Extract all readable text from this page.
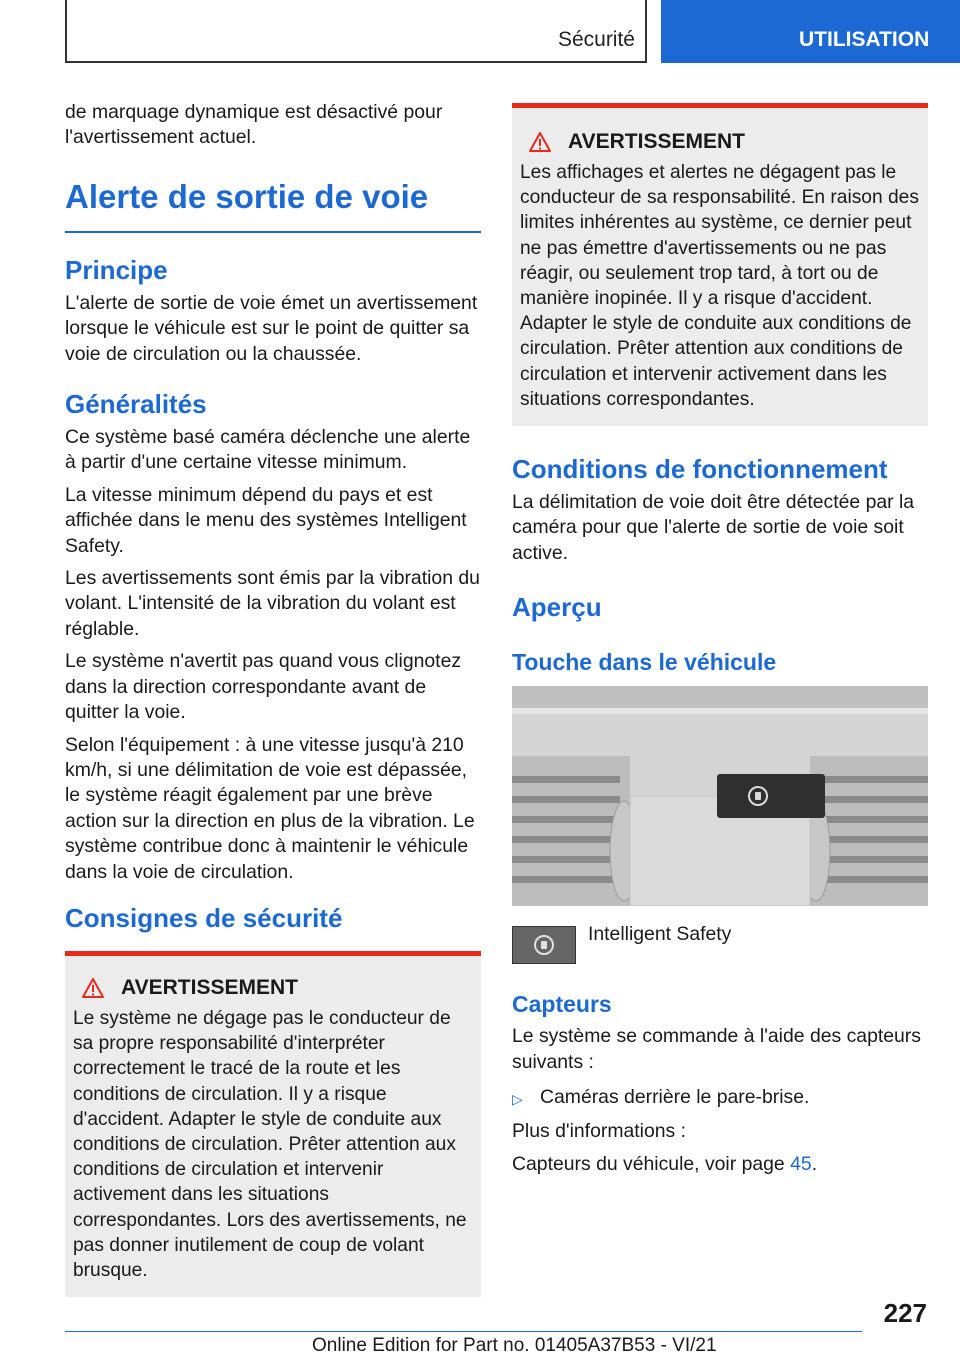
Sécurité	UTILISATION

de marquage dynamique est désactivé pour l'avertissement actuel.

Alerte de sortie de voie
Principe

L'alerte de sortie de voie émet un avertissement lorsque le véhicule est sur le point de quitter sa voie de circulation ou la chaussée.

Généralités

Ce système basé caméra déclenche une alerte à partir d'une certaine vitesse minimum.

La vitesse minimum dépend du pays et est affichée dans le menu des systèmes Intelligent Safety.

Les avertissements sont émis par la vibration du volant. L'intensité de la vibration du volant est réglable.

Le système n'avertit pas quand vous clignotez dans la direction correspondante avant de quitter la voie.

Selon l'équipement : à une vitesse jusqu'à 210 km/h, si une délimitation de voie est dépassée, le système réagit également par une brève action sur la direction en plus de la vibration. Le système contribue donc à maintenir le véhicule dans la voie de circulation.

Consignes de sécurité
AVERTISSEMENT

Le système ne dégage pas le conducteur de sa propre responsabilité d'interpréter correctement le tracé de la route et les conditions de circulation. Il y a risque d'accident. Adapter le style de conduite aux conditions de circulation. Prêter attention aux conditions de circulation et intervenir activement dans les situations correspondantes. Lors des avertissements, ne pas donner inutilement de coup de volant brusque.

AVERTISSEMENT

Les affichages et alertes ne dégagent pas le conducteur de sa responsabilité. En raison des limites inhérentes au système, ce dernier peut ne pas émettre d'avertissements ou ne pas réagir, ou seulement trop tard, à tort ou de manière inopinée. Il y a risque d'accident. Adapter le style de conduite aux conditions de circulation. Prêter attention aux conditions de circulation et intervenir activement dans les situations correspondantes.

Conditions de fonctionnement

La délimitation de voie doit être détectée par la caméra pour que l'alerte de sortie de voie soit active.

Aperçu
Touche dans le véhicule

Intelligent Safety

Capteurs

Le système se commande à l'aide des capteurs suivants :

▷ Caméras derrière le pare-brise.

Plus d'informations :

Capteurs du véhicule, voir page 45.

227
Online Edition for Part no. 01405A37B53 - VI/21
